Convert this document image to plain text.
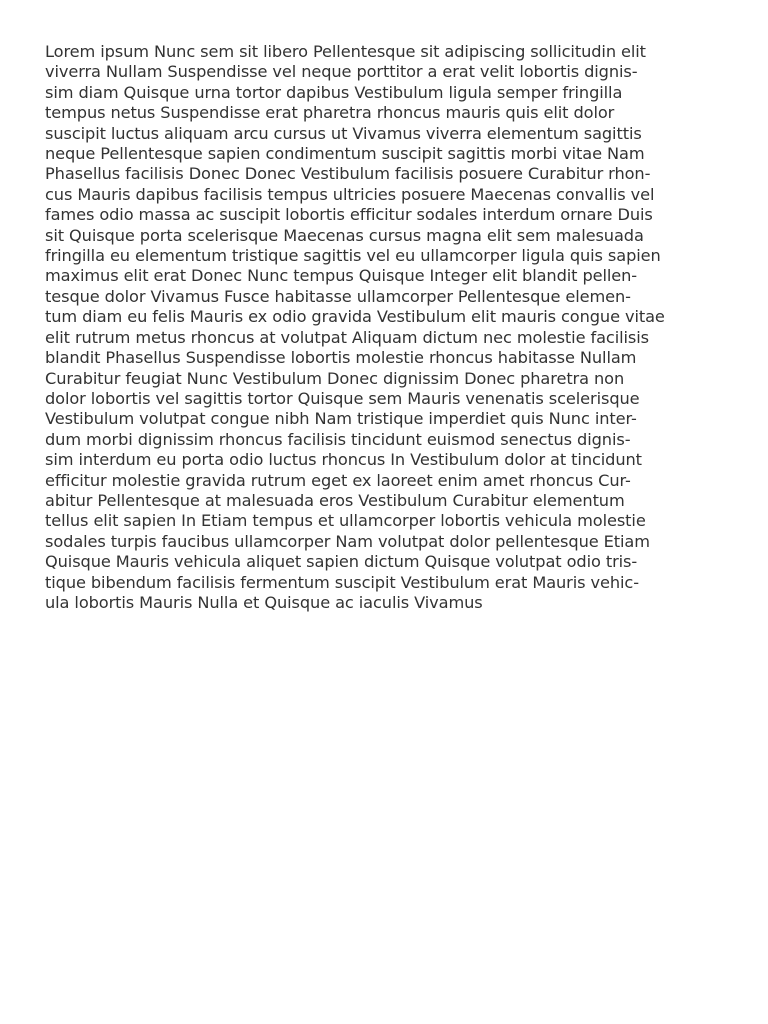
Lorem ipsum Nunc sem sit libero Pellentesque sit adipiscing sollicitudin elit
viverra Nullam Suspendisse vel neque porttitor a erat velit lobortis dignis-
sim diam Quisque urna tortor dapibus Vestibulum ligula semper fringilla
tempus netus Suspendisse erat pharetra rhoncus mauris quis elit dolor
suscipit luctus aliquam arcu cursus ut Vivamus viverra elementum sagittis
neque Pellentesque sapien condimentum suscipit sagittis morbi vitae Nam
Phasellus facilisis Donec Donec Vestibulum facilisis posuere Curabitur rhon-
cus Mauris dapibus facilisis tempus ultricies posuere Maecenas convallis vel
fames odio massa ac suscipit lobortis efficitur sodales interdum ornare Duis
sit Quisque porta scelerisque Maecenas cursus magna elit sem malesuada
fringilla eu elementum tristique sagittis vel eu ullamcorper ligula quis sapien
maximus elit erat Donec Nunc tempus Quisque Integer elit blandit pellen-
tesque dolor Vivamus Fusce habitasse ullamcorper Pellentesque elemen-
tum diam eu felis Mauris ex odio gravida Vestibulum elit mauris congue vitae
elit rutrum metus rhoncus at volutpat Aliquam dictum nec molestie facilisis
blandit Phasellus Suspendisse lobortis molestie rhoncus habitasse Nullam
Curabitur feugiat Nunc Vestibulum Donec dignissim Donec pharetra non
dolor lobortis vel sagittis tortor Quisque sem Mauris venenatis scelerisque
Vestibulum volutpat congue nibh Nam tristique imperdiet quis Nunc inter-
dum morbi dignissim rhoncus facilisis tincidunt euismod senectus dignis-
sim interdum eu porta odio luctus rhoncus In Vestibulum dolor at tincidunt
efficitur molestie gravida rutrum eget ex laoreet enim amet rhoncus Cur-
abitur Pellentesque at malesuada eros Vestibulum Curabitur elementum
tellus elit sapien In Etiam tempus et ullamcorper lobortis vehicula molestie
sodales turpis faucibus ullamcorper Nam volutpat dolor pellentesque Etiam
Quisque Mauris vehicula aliquet sapien dictum Quisque volutpat odio tris-
tique bibendum facilisis fermentum suscipit Vestibulum erat Mauris vehic-
ula lobortis Mauris Nulla et Quisque ac iaculis Vivamus
